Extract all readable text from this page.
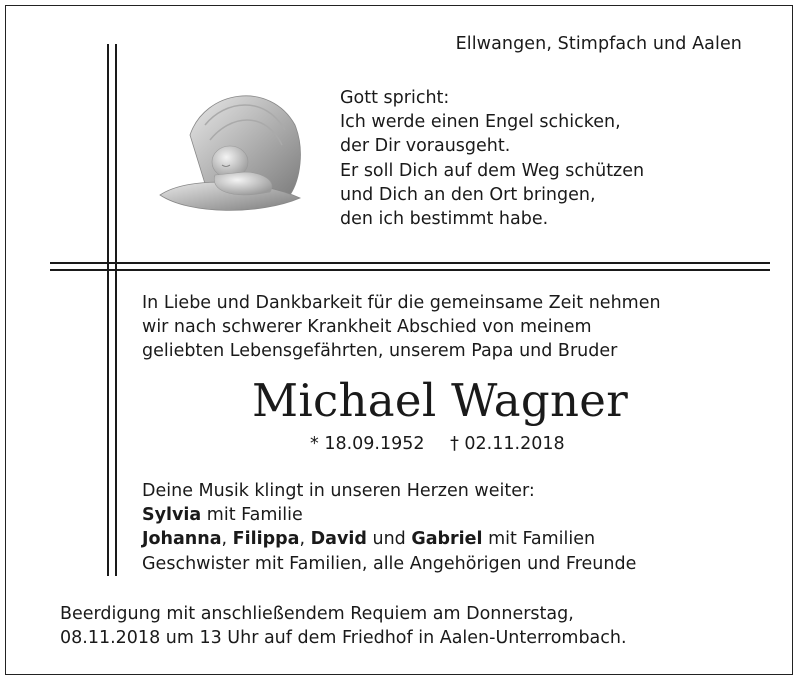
Ellwangen, Stimpfach und Aalen
Gott spricht:
Ich werde einen Engel schicken,
der Dir vorausgeht.
Er soll Dich auf dem Weg schützen
und Dich an den Ort bringen,
den ich bestimmt habe.
In Liebe und Dankbarkeit für die gemeinsame Zeit nehmen
wir nach schwerer Krankheit Abschied von meinem
geliebten Lebensgefährten, unserem Papa und Bruder
Michael Wagner
* 18.09.1952 † 02.11.2018
Deine Musik klingt in unseren Herzen weiter:
Sylvia mit Familie
Johanna, Filippa, David und Gabriel mit Familien
Geschwister mit Familien, alle Angehörigen und Freunde
Beerdigung mit anschließendem Requiem am Donnerstag,
08.11.2018 um 13 Uhr auf dem Friedhof in Aalen-Unterrombach.
